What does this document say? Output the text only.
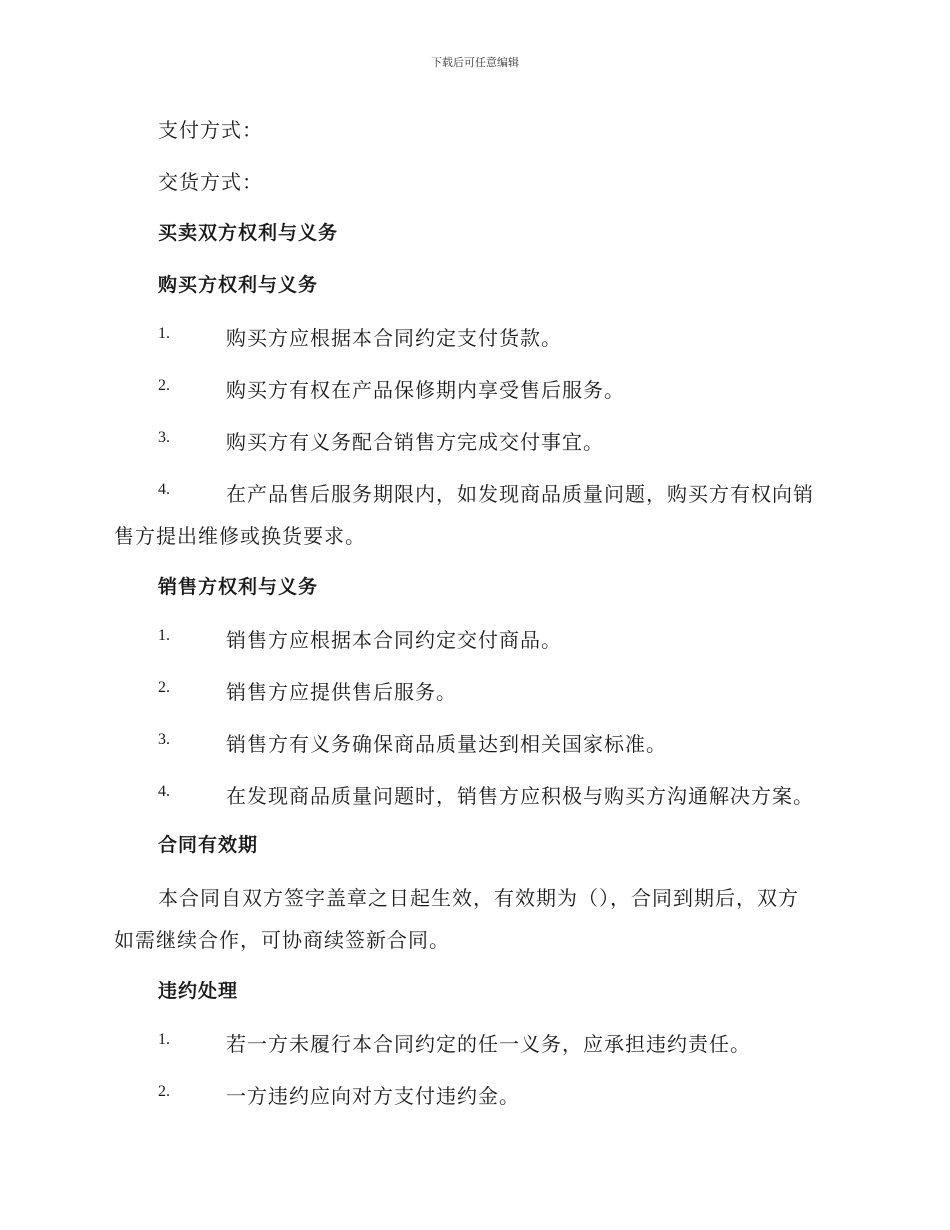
下载后可任意编辑
支付方式：
交货方式：
买卖双方权利与义务
购买方权利与义务
1.	购买方应根据本合同约定支付货款。
2.	购买方有权在产品保修期内享受售后服务。
3.	购买方有义务配合销售方完成交付事宜。
4.	在产品售后服务期限内，如发现商品质量问题，购买方有权向销
售方提出维修或换货要求。
销售方权利与义务
1.	销售方应根据本合同约定交付商品。
2.	销售方应提供售后服务。
3.	销售方有义务确保商品质量达到相关国家标准。
4.	在发现商品质量问题时，销售方应积极与购买方沟通解决方案。
合同有效期
本合同自双方签字盖章之日起生效，有效期为（），合同到期后，双方
如需继续合作，可协商续签新合同。
违约处理
1.	若一方未履行本合同约定的任一义务，应承担违约责任。
2.	一方违约应向对方支付违约金。
